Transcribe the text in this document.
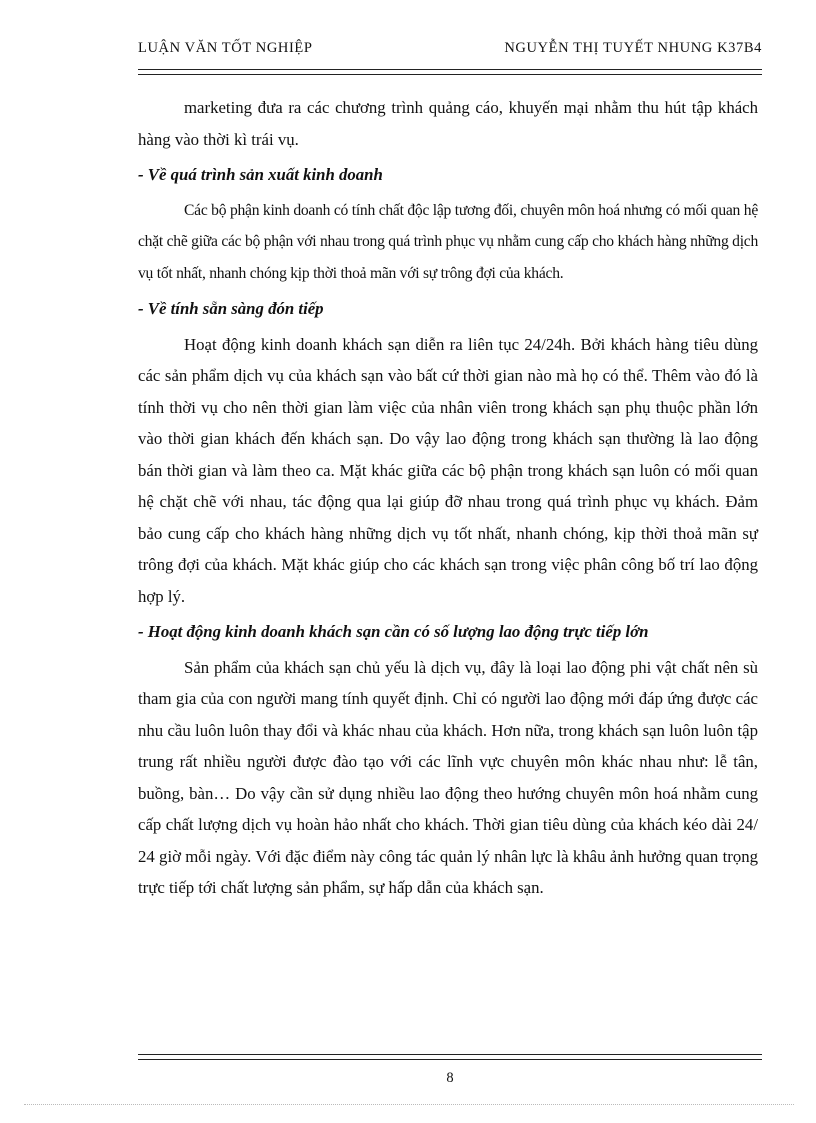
LUẬN VĂN TỐT NGHIỆP	NGUYỄN THỊ TUYẾT NHUNG K37B4

marketing đưa ra các chương trình quảng cáo, khuyến mại nhằm thu hút tập khách hàng vào thời kì trái vụ.

- Về quá trình sản xuất kinh doanh

Các bộ phận kinh doanh có tính chất độc lập tương đối, chuyên môn hoá nhưng có mối quan hệ chặt chẽ giữa các bộ phận với nhau trong quá trình phục vụ nhằm cung cấp cho khách hàng những dịch vụ tốt nhất, nhanh chóng kịp thời thoả mãn với sự trông đợi của khách.

- Về tính sẵn sàng đón tiếp

Hoạt động kinh doanh khách sạn diễn ra liên tục 24/24h. Bởi khách hàng tiêu dùng các sản phẩm dịch vụ của khách sạn vào bất cứ thời gian nào mà họ có thể. Thêm vào đó là tính thời vụ cho nên thời gian làm việc của nhân viên trong khách sạn phụ thuộc phần lớn vào thời gian khách đến khách sạn. Do vậy lao động trong khách sạn thường là lao động bán thời gian và làm theo ca. Mặt khác giữa các bộ phận trong khách sạn luôn có mối quan hệ chặt chẽ với nhau, tác động qua lại giúp đỡ nhau trong quá trình phục vụ khách. Đảm bảo cung cấp cho khách hàng những dịch vụ tốt nhất, nhanh chóng, kịp thời thoả mãn sự trông đợi của khách. Mặt khác giúp cho các khách sạn trong việc phân công bố trí lao động hợp lý.

- Hoạt động kinh doanh khách sạn cần có số lượng lao động trực tiếp lớn

Sản phẩm của khách sạn chủ yếu là dịch vụ, đây là loại lao động phi vật chất nên sù tham gia của con người mang tính quyết định. Chỉ có người lao động mới đáp ứng được các nhu cầu luôn luôn thay đổi và khác nhau của khách. Hơn nữa, trong khách sạn luôn luôn tập trung rất nhiều người được đào tạo với các lĩnh vực chuyên môn khác nhau như: lễ tân, buồng, bàn… Do vậy cần sử dụng nhiều lao động theo hướng chuyên môn hoá nhằm cung cấp chất lượng dịch vụ hoàn hảo nhất cho khách. Thời gian tiêu dùng của khách kéo dài 24/ 24 giờ mỗi ngày. Với đặc điểm này công tác quản lý nhân lực là khâu ảnh hưởng quan trọng trực tiếp tới chất lượng sản phẩm, sự hấp dẫn của khách sạn.

8
